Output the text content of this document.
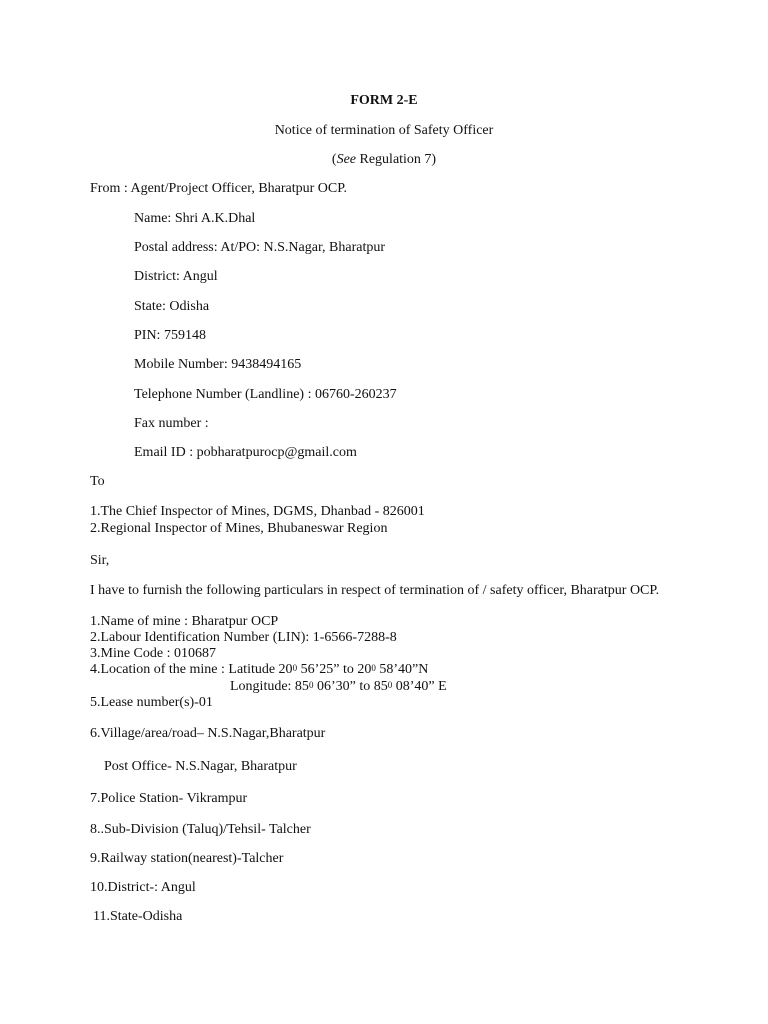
FORM 2-E
Notice of termination of Safety Officer
(See Regulation 7)
From : Agent/Project Officer, Bharatpur OCP.
Name: Shri A.K.Dhal
Postal address: At/PO: N.S.Nagar, Bharatpur
District: Angul
State: Odisha
PIN: 759148
Mobile Number: 9438494165
Telephone Number (Landline) : 06760-260237
Fax number :
Email ID : pobharatpurocp@gmail.com
To
1.The Chief Inspector of Mines, DGMS, Dhanbad - 826001
2.Regional Inspector of Mines, Bhubaneswar Region
Sir,
I have to furnish the following particulars in respect of termination of / safety officer, Bharatpur OCP.
1.Name of mine : Bharatpur OCP
2.Labour Identification Number (LIN): 1-6566-7288-8
3.Mine Code : 010687
4.Location of the mine : Latitude $20^0$ 56’25” to $20^0$ 58’40”N
Longitude: $85^0$ 06’30” to $85^0$ 08’40” E
5.Lease number(s)-01
6.Village/area/road– N.S.Nagar,Bharatpur
Post Office- N.S.Nagar, Bharatpur
7.Police Station- Vikrampur
8..Sub-Division (Taluq)/Tehsil- Talcher
9.Railway station(nearest)-Talcher
10.District-: Angul
11.State-Odisha
